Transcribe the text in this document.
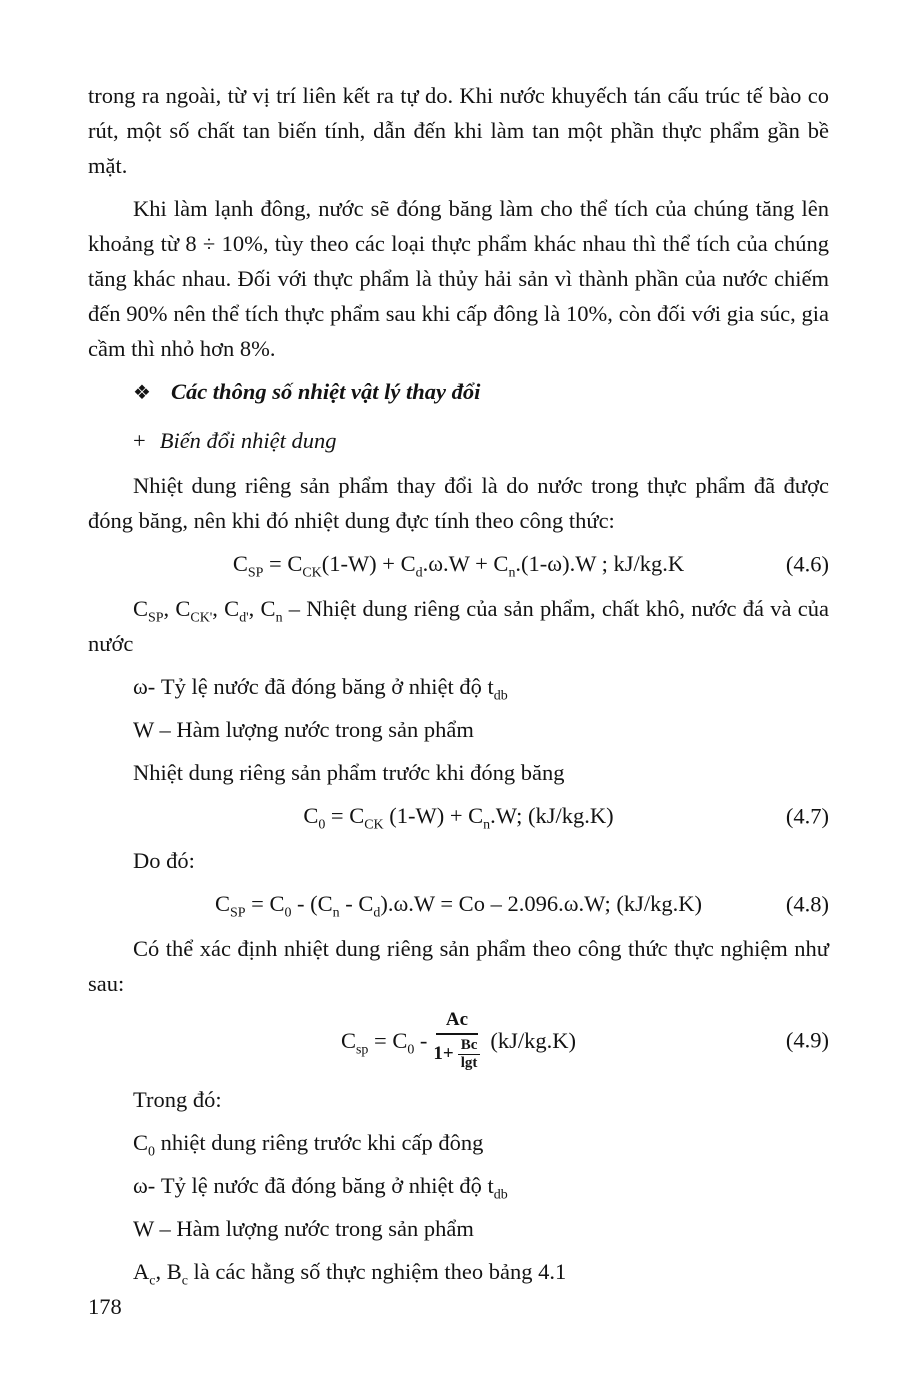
trong ra ngoài, từ vị trí liên kết ra tự do. Khi nước khuyếch tán cấu trúc tế bào co rút, một số chất tan biến tính, dẫn đến khi làm tan một phần thực phẩm gần bề mặt.

Khi làm lạnh đông, nước sẽ đóng băng làm cho thể tích của chúng tăng lên khoảng từ 8 ÷ 10%, tùy theo các loại thực phẩm khác nhau thì thể tích của chúng tăng khác nhau. Đối với thực phẩm là thủy hải sản vì thành phần của nước chiếm đến 90% nên thể tích thực phẩm sau khi cấp đông là 10%, còn đối với gia súc, gia cầm thì nhỏ hơn 8%.

❖ Các thông số nhiệt vật lý thay đổi
+ Biến đổi nhiệt dung

Nhiệt dung riêng sản phẩm thay đổi là do nước trong thực phẩm đã được đóng băng, nên khi đó nhiệt dung đực tính theo công thức:

$C_{SP} = C_{CK}(1-W) + C_d.\omega.W + C_n.(1-\omega).W$ ; kJ/kg.K	(4.6)

$C_{SP}$, $C_{CK'}$, $C_{d'}$, $C_n$ – Nhiệt dung riêng của sản phẩm, chất khô, nước đá và của nước

ω- Tỷ lệ nước đã đóng băng ở nhiệt độ $t_{db}$

W – Hàm lượng nước trong sản phẩm

Nhiệt dung riêng sản phẩm trước khi đóng băng

$C_0 = C_{CK}$ $(1-W) + C_n.W$; (kJ/kg.K)	(4.7)

Do đó:

$C_{SP} = C_0 - (C_n - C_d).\omega.W = Co - 2.096.\omega.W$; (kJ/kg.K)	(4.8)

Có thể xác định nhiệt dung riêng sản phẩm theo công thức thực nghiệm như sau:

$C_{sp} = C_0 - \frac{Ac}{1+ \frac{Bc}{\lg t}} (kJ/kg.K)$	(4.9)

Trong đó:

$C_0$ nhiệt dung riêng trước khi cấp đông

ω- Tỷ lệ nước đã đóng băng ở nhiệt độ $t_{db}$

W – Hàm lượng nước trong sản phẩm

$A_c$, $B_c$ là các hằng số thực nghiệm theo bảng 4.1

178
